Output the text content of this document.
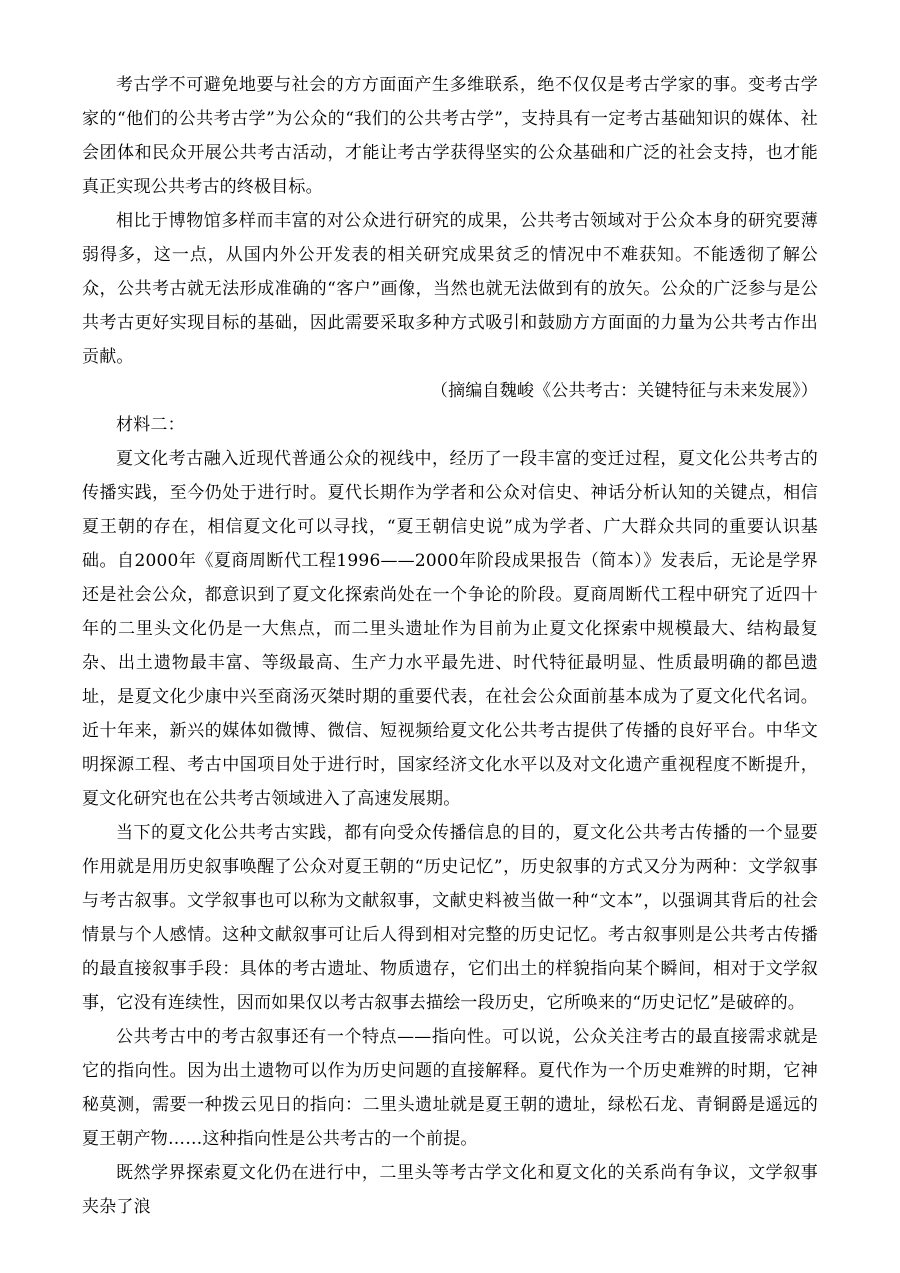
考古学不可避免地要与社会的方方面面产生多维联系，绝不仅仅是考古学家的事。变考古学家的“他们的公共考古学”为公众的“我们的公共考古学”，支持具有一定考古基础知识的媒体、社会团体和民众开展公共考古活动，才能让考古学获得坚实的公众基础和广泛的社会支持，也才能真正实现公共考古的终极目标。

相比于博物馆多样而丰富的对公众进行研究的成果，公共考古领域对于公众本身的研究要薄弱得多，这一点，从国内外公开发表的相关研究成果贫乏的情况中不难获知。不能透彻了解公众，公共考古就无法形成准确的“客户”画像，当然也就无法做到有的放矢。公众的广泛参与是公共考古更好实现目标的基础，因此需要采取多种方式吸引和鼓励方方面面的力量为公共考古作出贡献。

（摘编自魏峻《公共考古：关键特征与未来发展》）

材料二：

夏文化考古融入近现代普通公众的视线中，经历了一段丰富的变迁过程，夏文化公共考古的传播实践，至今仍处于进行时。夏代长期作为学者和公众对信史、神话分析认知的关键点，相信夏王朝的存在，相信夏文化可以寻找，“夏王朝信史说”成为学者、广大群众共同的重要认识基础。自2000年《夏商周断代工程1996——2000年阶段成果报告（简本）》发表后，无论是学界还是社会公众，都意识到了夏文化探索尚处在一个争论的阶段。夏商周断代工程中研究了近四十年的二里头文化仍是一大焦点，而二里头遗址作为目前为止夏文化探索中规模最大、结构最复杂、出土遗物最丰富、等级最高、生产力水平最先进、时代特征最明显、性质最明确的都邑遗址，是夏文化少康中兴至商汤灭桀时期的重要代表，在社会公众面前基本成为了夏文化代名词。近十年来，新兴的媒体如微博、微信、短视频给夏文化公共考古提供了传播的良好平台。中华文明探源工程、考古中国项目处于进行时，国家经济文化水平以及对文化遗产重视程度不断提升，夏文化研究也在公共考古领域进入了高速发展期。

当下的夏文化公共考古实践，都有向受众传播信息的目的，夏文化公共考古传播的一个显要作用就是用历史叙事唤醒了公众对夏王朝的“历史记忆”，历史叙事的方式又分为两种：文学叙事与考古叙事。文学叙事也可以称为文献叙事，文献史料被当做一种“文本”，以强调其背后的社会情景与个人感情。这种文献叙事可让后人得到相对完整的历史记忆。考古叙事则是公共考古传播的最直接叙事手段：具体的考古遗址、物质遗存，它们出土的样貌指向某个瞬间，相对于文学叙事，它没有连续性，因而如果仅以考古叙事去描绘一段历史，它所唤来的“历史记忆”是破碎的。

公共考古中的考古叙事还有一个特点——指向性。可以说，公众关注考古的最直接需求就是它的指向性。因为出土遗物可以作为历史问题的直接解释。夏代作为一个历史难辨的时期，它神秘莫测，需要一种拨云见日的指向：二里头遗址就是夏王朝的遗址，绿松石龙、青铜爵是遥远的夏王朝产物……这种指向性是公共考古的一个前提。

既然学界探索夏文化仍在进行中，二里头等考古学文化和夏文化的关系尚有争议，文学叙事夹杂了浪
